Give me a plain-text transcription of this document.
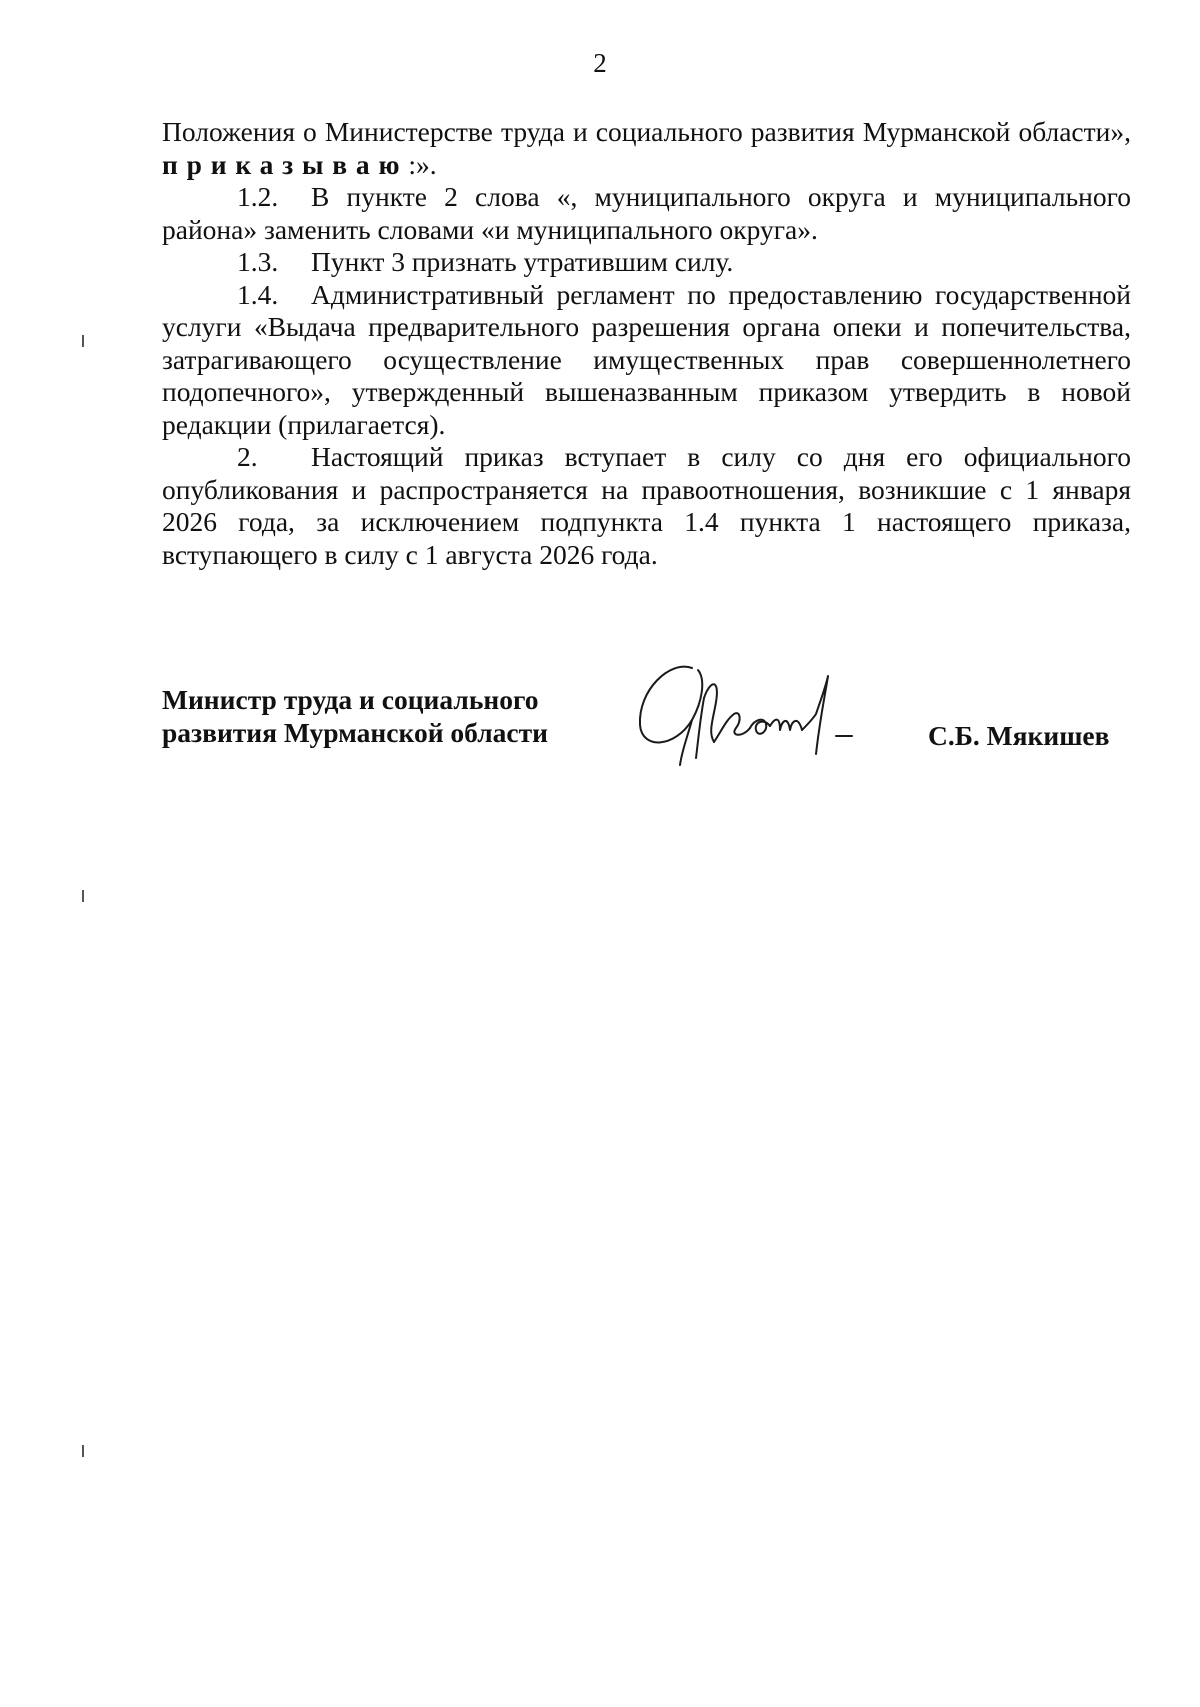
2

Положения о Министерстве труда и социального развития Мурманской области», приказываю:».

1.2. В пункте 2 слова «, муниципального округа и муниципального района» заменить словами «и муниципального округа».

1.3. Пункт 3 признать утратившим силу.

1.4. Административный регламент по предоставлению государственной услуги «Выдача предварительного разрешения органа опеки и попечительства, затрагивающего осуществление имущественных прав совершеннолетнего подопечного», утвержденный вышеназванным приказом утвердить в новой редакции (прилагается).

2. Настоящий приказ вступает в силу со дня его официального опубликования и распространяется на правоотношения, возникшие с 1 января 2026 года, за исключением подпункта 1.4 пункта 1 настоящего приказа, вступающего в силу с 1 августа 2026 года.

Министр труда и социального
развития Мурманской области	С.Б. Мякишев
